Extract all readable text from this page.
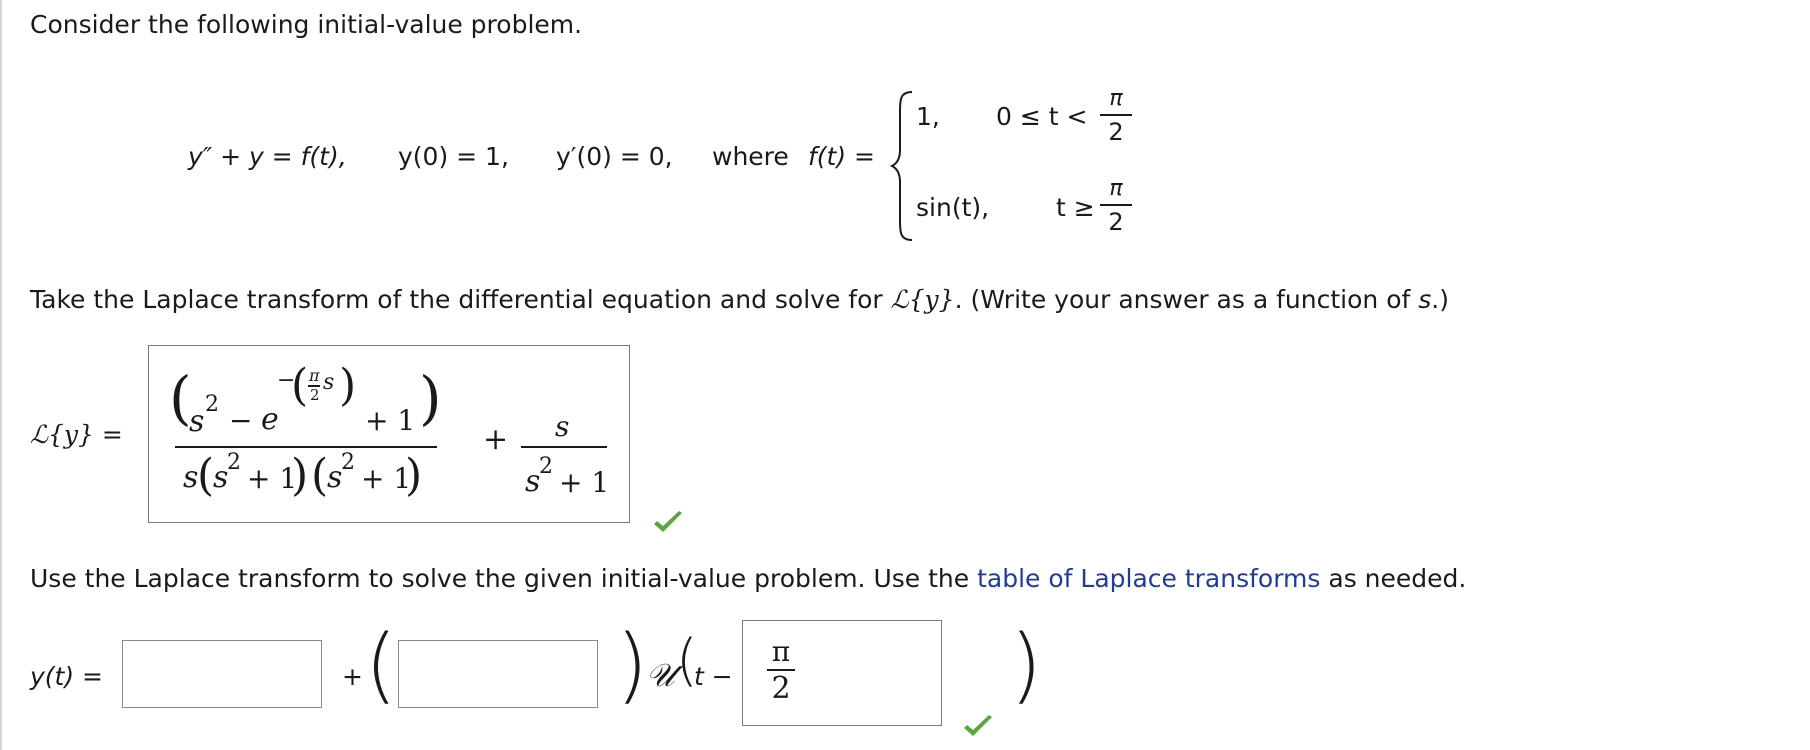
Consider the following initial-value problem.
y″ + y = f(t), y(0) = 1, y′(0) = 0, where f(t) =
1, 0 ≤ t <
π
2
sin(t),	t ≥
π
2
Take the Laplace transform of the differential equation and solve for ℒ{y}. (Write your answer as a function of s.)
ℒ{y} =
(
s 2 − e
−
( π
2 s )
+ 1 )
s
(
s
2 + 1
) (
s
2 + 1
)
+ s
s
2 + 1
Use the Laplace transform to solve the given initial-value problem. Use the table of Laplace transforms as needed.
y(t) =	+ (	)
𝒰 (
t −
π
2	)
